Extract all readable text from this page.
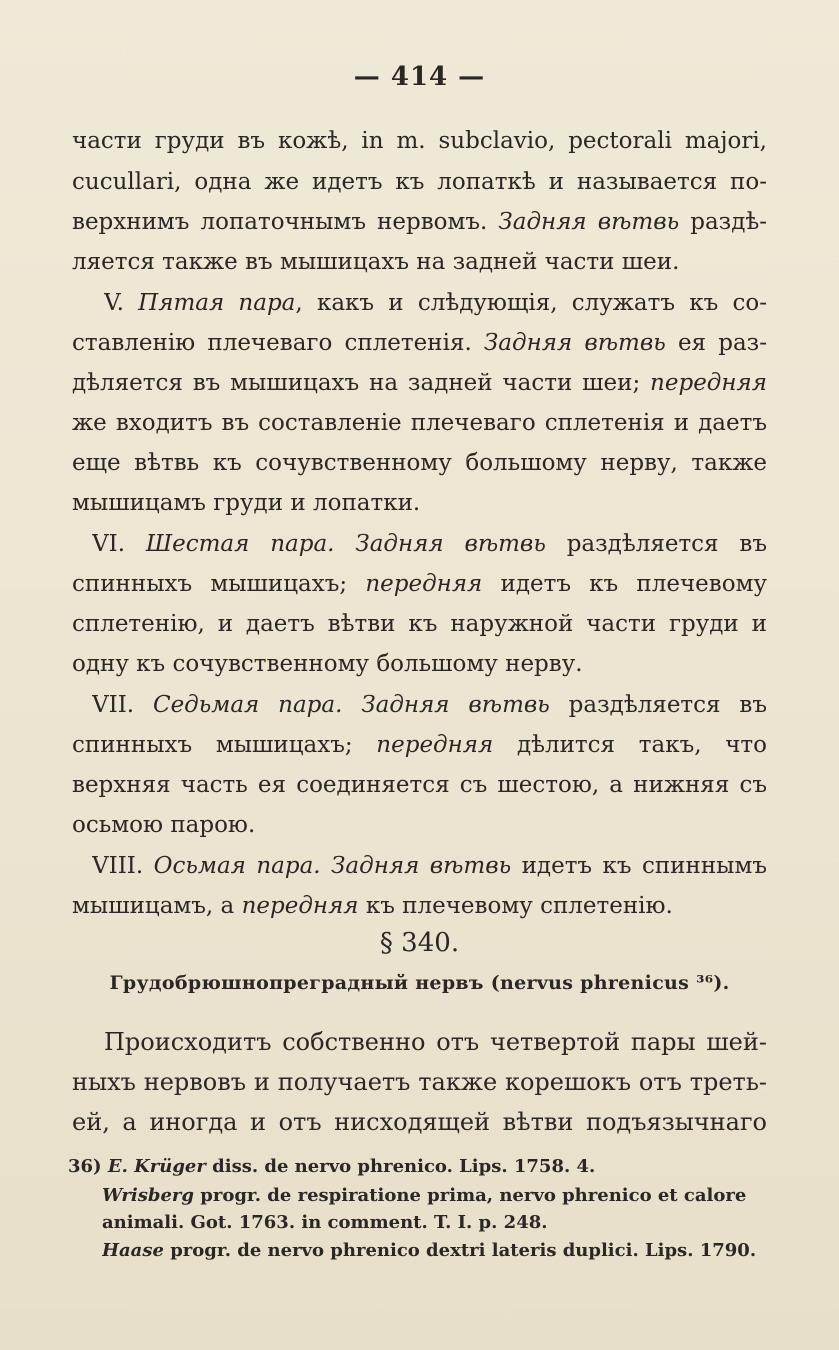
— 414 —
части груди въ кожѣ, in m. subclavio, pectorali majori,
cucullari, одна же идетъ къ лопаткѣ и называется по-
верхнимъ лопаточнымъ нервомъ. Задняя вѣтвь раздѣ-
ляется также въ мышицахъ на задней части шеи.
V. Пятая пара, какъ и слѣдующія, служатъ къ со-
ставленію плечеваго сплетенія. Задняя вѣтвь ея раз-
дѣляется въ мышицахъ на задней части шеи; передняя
же входитъ въ составленіе плечеваго сплетенія и даетъ
еще вѣтвь къ сочувственному большому нерву, также
мышицамъ груди и лопатки.
VI. Шестая пара. Задняя вѣтвь раздѣляется въ
спинныхъ мышицахъ; передняя идетъ къ плечевому
сплетенію, и даетъ вѣтви къ наружной части груди и
одну къ сочувственному большому нерву.
VII. Седьмая пара. Задняя вѣтвь раздѣляется въ
спинныхъ мышицахъ; передняя дѣлится такъ, что
верхняя часть ея соединяется съ шестою, а нижняя съ
осьмою парою.
VIII. Осьмая пара. Задняя вѣтвь идетъ къ спиннымъ
мышицамъ, а передняя къ плечевому сплетенію.
§ 340.
Грудобрюшнопреградный нервъ (nervus phrenicus ³⁶).
Происходитъ собственно отъ четвертой пары шей-
ныхъ нервовъ и получаетъ также корешокъ отъ треть-
ей, а иногда и отъ нисходящей вѣтви подъязычнаго
36) E. Krüger diss. de nervo phrenico. Lips. 1758. 4.
Wrisberg progr. de respiratione prima, nervo phrenico et calore
animali. Got. 1763. in comment. T. I. p. 248.
Haase progr. de nervo phrenico dextri lateris duplici. Lips. 1790.
